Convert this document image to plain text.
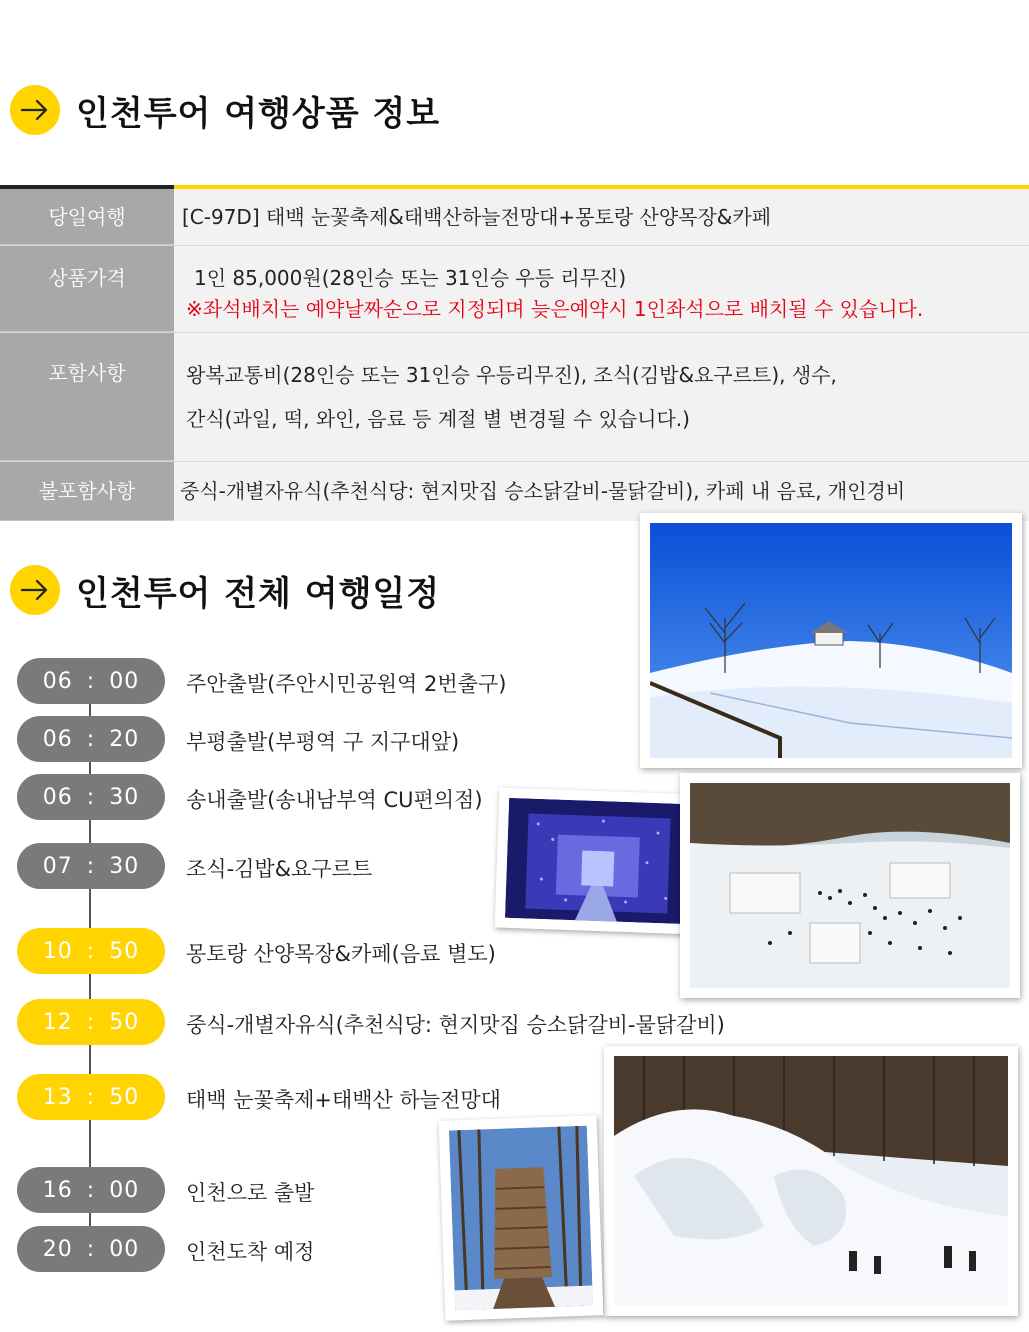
인천투어 여행상품 정보
당일여행	[C-97D] 태백 눈꽃축제&태백산하늘전망대+몽토랑 산양목장&카페
상품가격	1인 85,000원(28인승 또는 31인승 우등 리무진)
※좌석배치는 예약날짜순으로 지정되며 늦은예약시 1인좌석으로 배치될 수 있습니다.
포함사항	왕복교통비(28인승 또는 31인승 우등리무진), 조식(김밥&요구르트), 생수,
간식(과일, 떡, 와인, 음료 등 계절 별 변경될 수 있습니다.)
불포함사항	중식-개별자유식(추천식당: 현지맛집 승소닭갈비-물닭갈비), 카페 내 음료, 개인경비
인천투어 전체 여행일정
06 : 00 주안출발(주안시민공원역 2번출구)
06 : 20 부평출발(부평역 구 지구대앞)
06 : 30 송내출발(송내남부역 CU편의점)
07 : 30 조식-김밥&요구르트
10 : 50 몽토랑 산양목장&카페(음료 별도)
12 : 50 중식-개별자유식(추천식당: 현지맛집 승소닭갈비-물닭갈비)
13 : 50 태백 눈꽃축제+태백산 하늘전망대
16 : 00 인천으로 출발
20 : 00 인천도착 예정
